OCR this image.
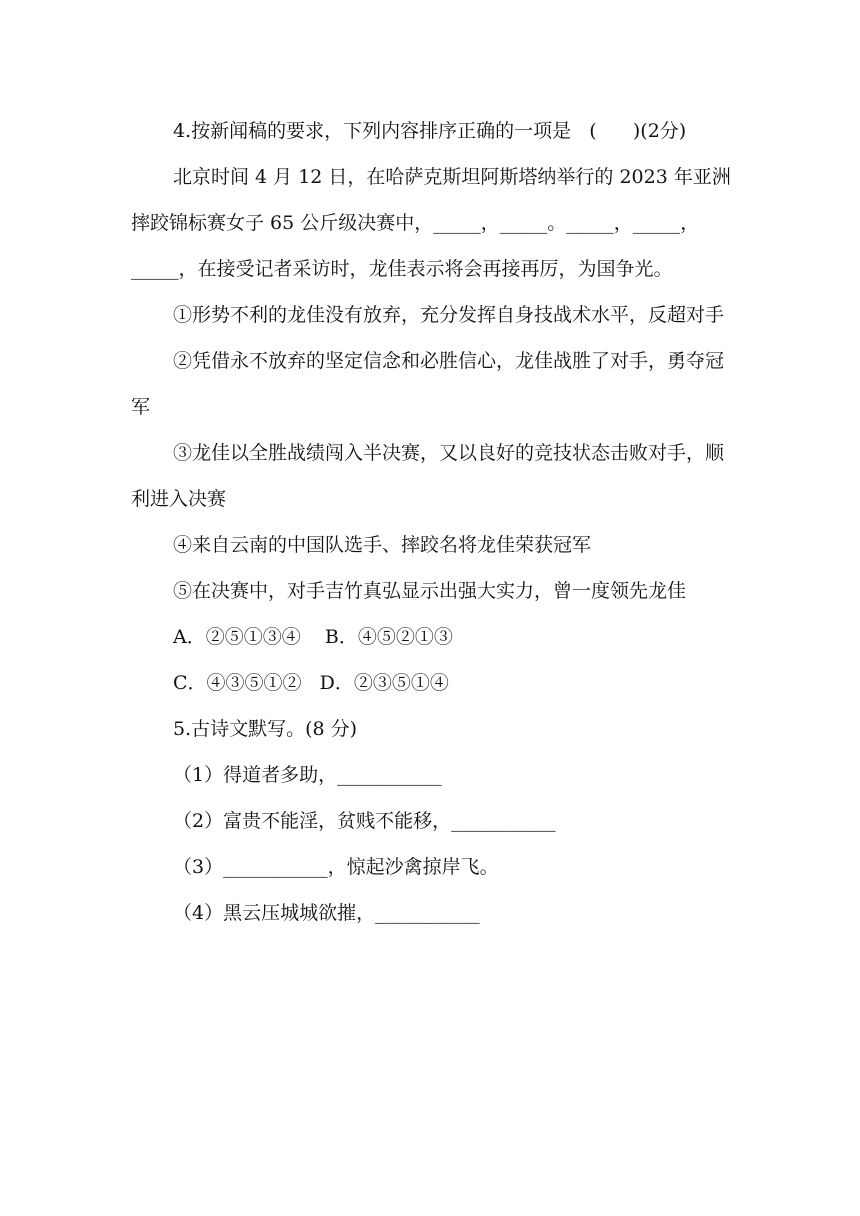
4.按新闻稿的要求，下列内容排序正确的一项是   (      )(2分)

北京时间 4 月 12 日，在哈萨克斯坦阿斯塔纳举行的 2023 年亚洲摔跤锦标赛女子 65 公斤级决赛中，_____，_____。_____，_____，_____，在接受记者采访时，龙佳表示将会再接再厉，为国争光。

①形势不利的龙佳没有放弃，充分发挥自身技战术水平，反超对手

②凭借永不放弃的坚定信念和必胜信心，龙佳战胜了对手，勇夺冠军

③龙佳以全胜战绩闯入半决赛，又以良好的竞技状态击败对手，顺利进入决赛

④来自云南的中国队选手、摔跤名将龙佳荣获冠军

⑤在决赛中，对手吉竹真弘显示出强大实力，曾一度领先龙佳

A．②⑤①③④    B．④⑤②①③

C．④③⑤①②   D．②③⑤①④

5.古诗文默写。(8 分)

（1）得道者多助，___________

（2）富贵不能淫，贫贱不能移，___________

（3）___________，惊起沙禽掠岸飞。

（4）黑云压城城欲摧，___________
